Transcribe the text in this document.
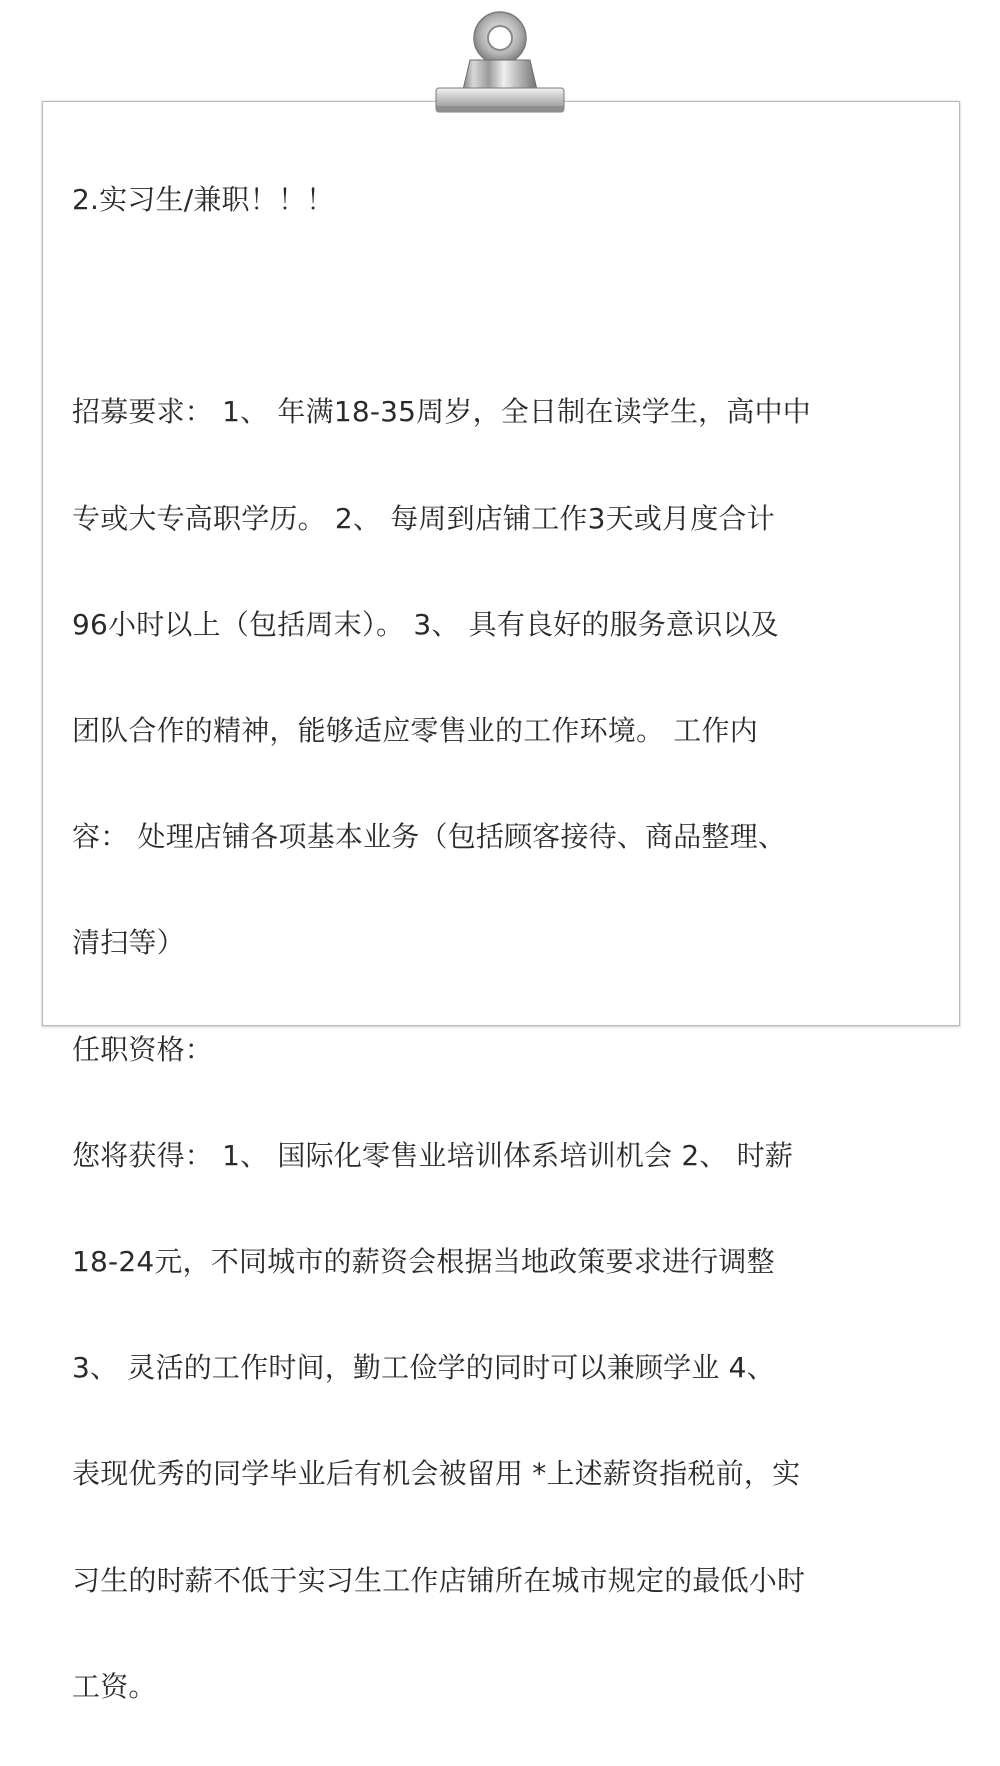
2.实习生/兼职！！！

招募要求： 1、 年满18-35周岁，全日制在读学生，高中中

专或大专高职学历。 2、 每周到店铺工作3天或月度合计

96小时以上（包括周末）。 3、 具有良好的服务意识以及

团队合作的精神，能够适应零售业的工作环境。 工作内

容： 处理店铺各项基本业务（包括顾客接待、商品整理、

清扫等）

任职资格：

您将获得： 1、 国际化零售业培训体系培训机会 2、 时薪

18-24元，不同城市的薪资会根据当地政策要求进行调整

3、 灵活的工作时间，勤工俭学的同时可以兼顾学业 4、

表现优秀的同学毕业后有机会被留用 *上述薪资指税前，实

习生的时薪不低于实习生工作店铺所在城市规定的最低小时

工资。
